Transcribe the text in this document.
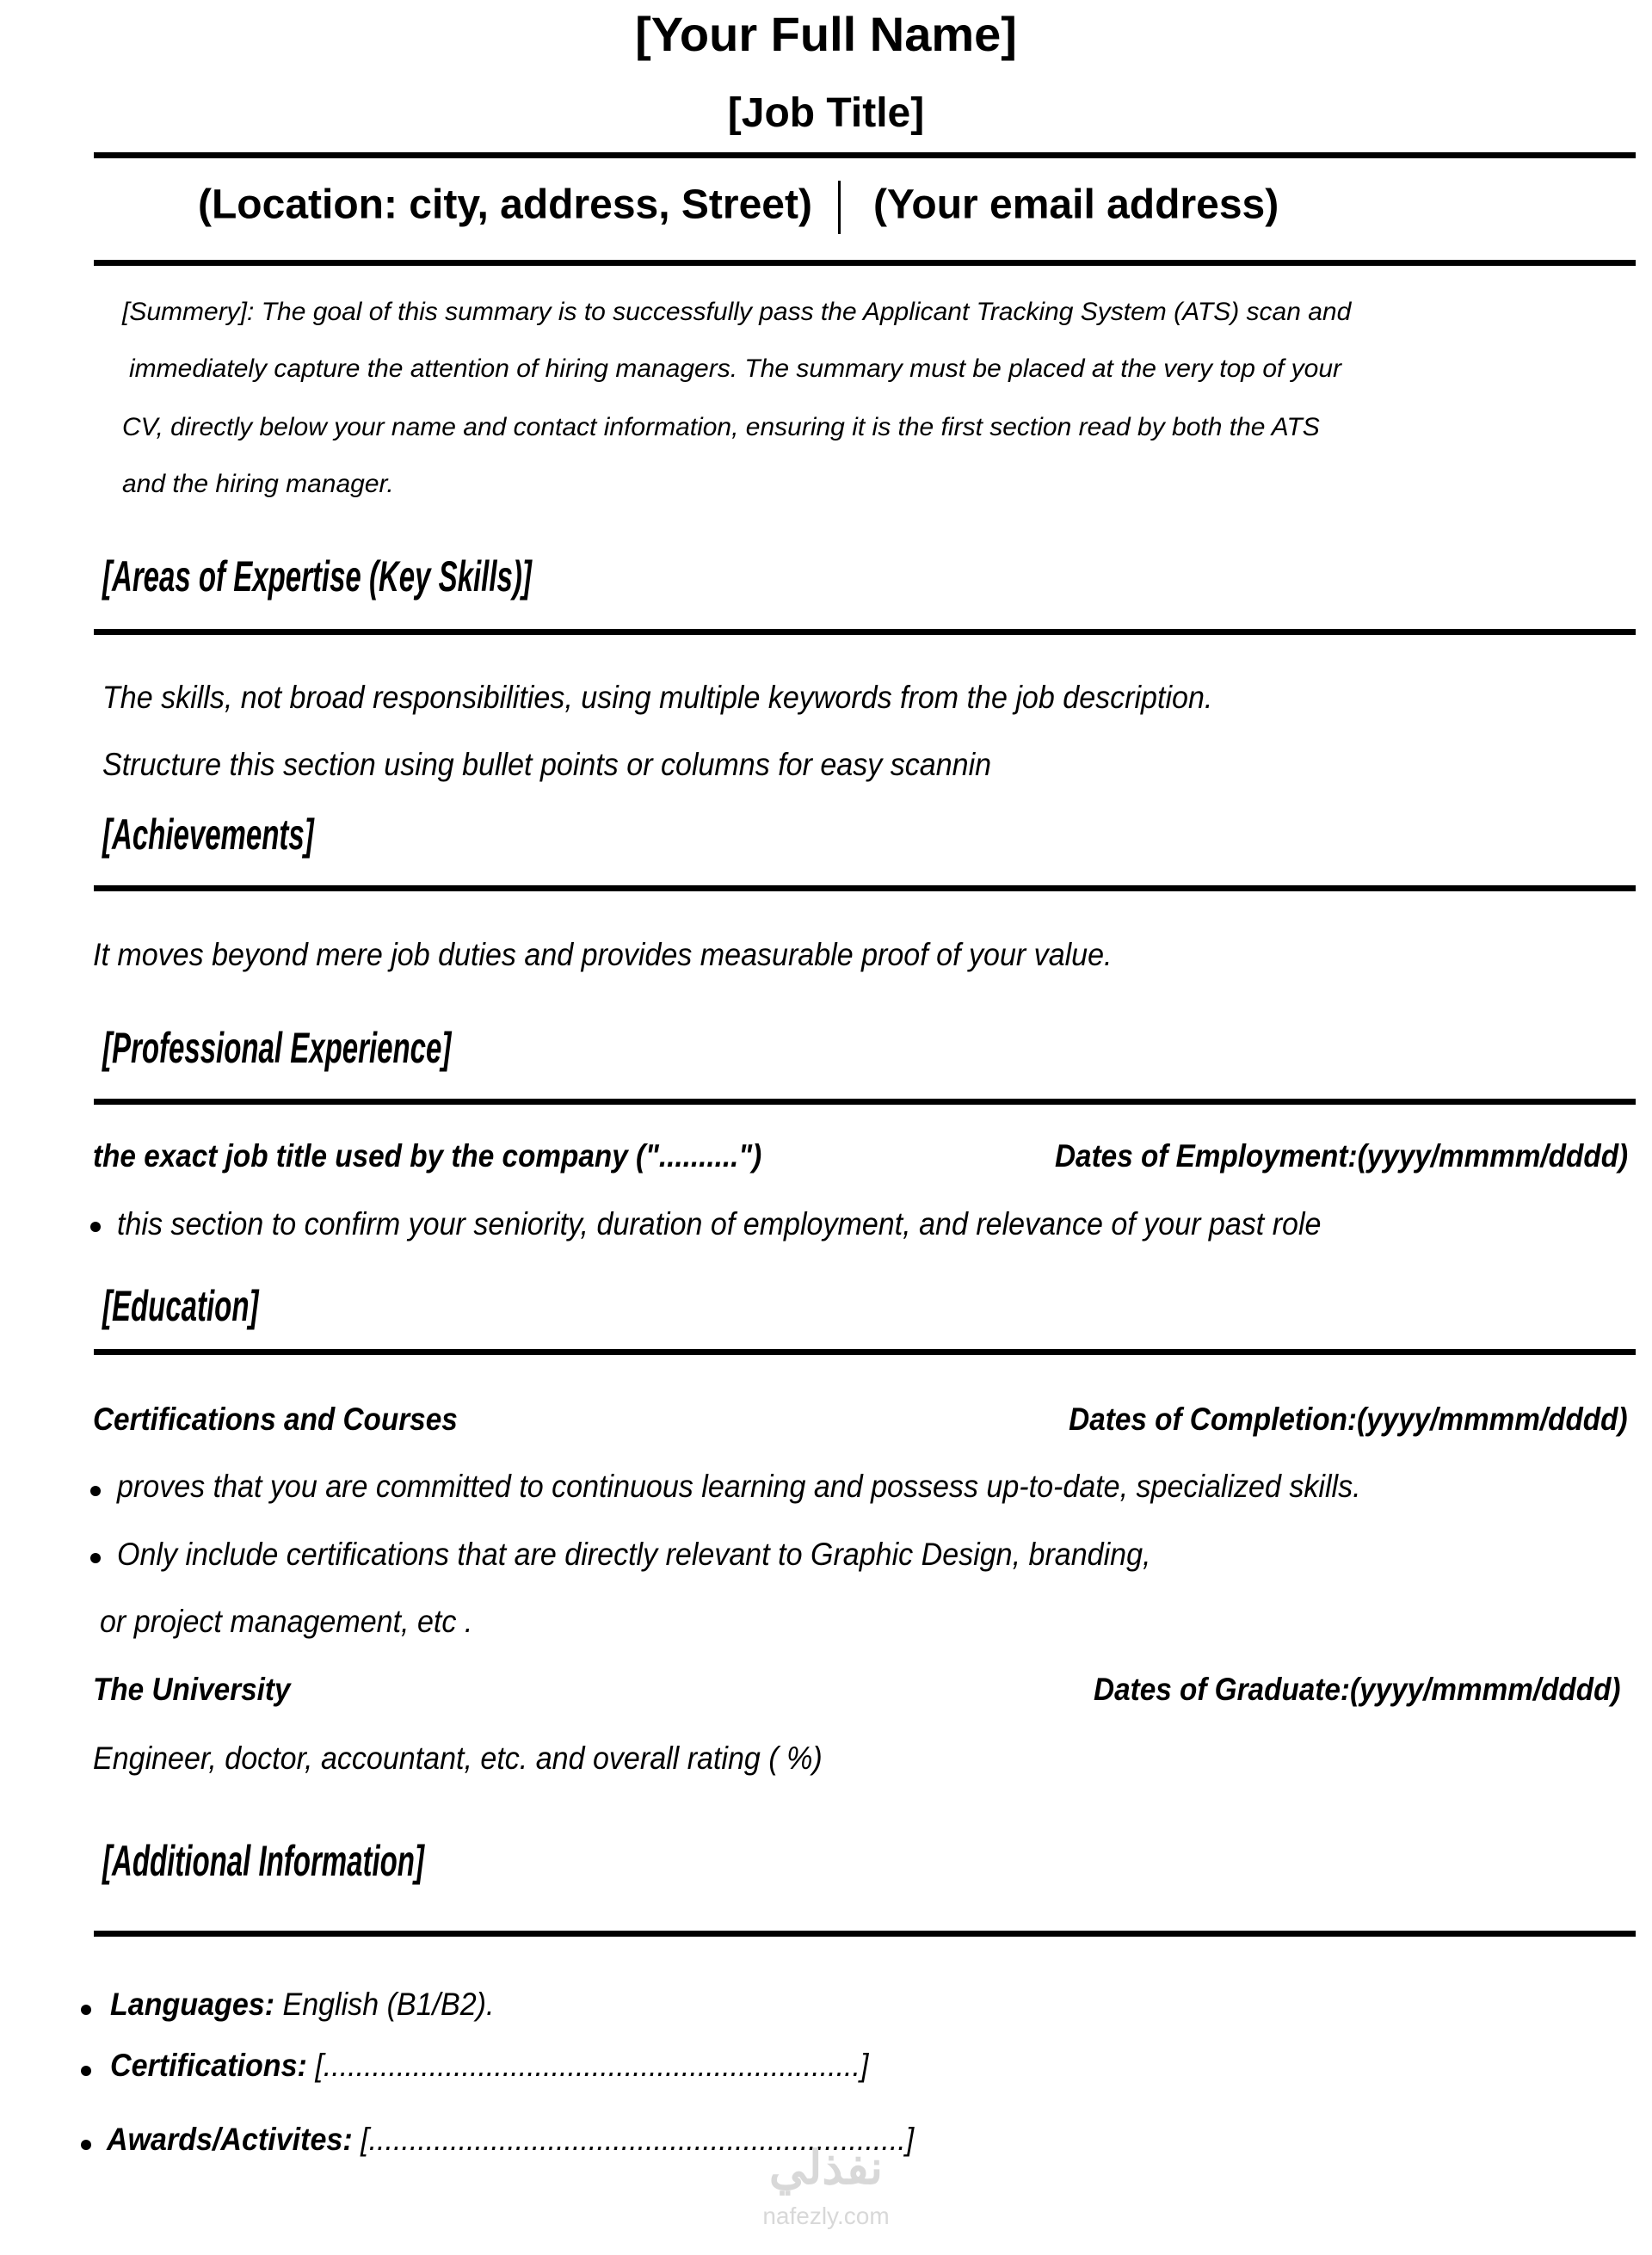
[Your Full Name]
[Job Title]
(Location: city, address, Street) (Your email address)
[Summery]: The goal of this summary is to successfully pass the Applicant Tracking System (ATS) scan and
immediately capture the attention of hiring managers. The summary must be placed at the very top of your
CV, directly below your name and contact information, ensuring it is the first section read by both the ATS
and the hiring manager.
[Areas of Expertise (Key Skills)]
The skills, not broad responsibilities, using multiple keywords from the job description.
Structure this section using bullet points or columns for easy scannin
[Achievements]
It moves beyond mere job duties and provides measurable proof of your value.
[Professional Experience]
the exact job title used by the company ("..........")	Dates of Employment:(yyyy/mmmm/dddd)
this section to confirm your seniority, duration of employment, and relevance of your past role
[Education]
Certifications and Courses	Dates of Completion:(yyyy/mmmm/dddd)
proves that you are committed to continuous learning and possess up-to-date, specialized skills.
Only include certifications that are directly relevant to Graphic Design, branding,
or project management, etc .
The University	Dates of Graduate:(yyyy/mmmm/dddd)
Engineer, doctor, accountant, etc. and overall rating ( %)
[Additional Information]
Languages: English (B1/B2).
Certifications: [..................................................................]
Awards/Activites: [..................................................................]
نفذلي
nafezly.com
